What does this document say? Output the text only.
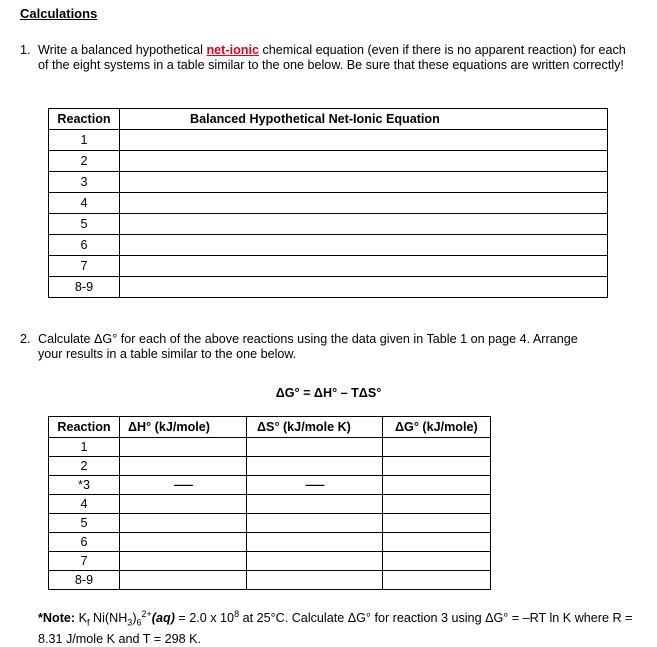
Calculations
1. Write a balanced hypothetical net-ionic chemical equation (even if there is no apparent reaction) for each of the eight systems in a table similar to the one below. Be sure that these equations are written correctly!
Reaction	Balanced Hypothetical Net-Ionic Equation
1	
2	
3	
4	
5	
6	
7	
8-9	
2. Calculate ΔG° for each of the above reactions using the data given in Table 1 on page 4. Arrange your results in a table similar to the one below.
ΔG° = ΔH° – TΔS°
Reaction	ΔH° (kJ/mole)	ΔS° (kJ/mole K)	ΔG° (kJ/mole)
1			
2			
*3	--------	--------	
4			
5			
6			
7			
8-9			
*Note: $K_f$ $Ni(NH_3)_6^{2+}(aq) = 2.0$ x $10^8$ at 25°C. Calculate ΔG° for reaction 3 using ΔG° = –RT ln K where R = 8.31 J/mole K and T = 298 K.
